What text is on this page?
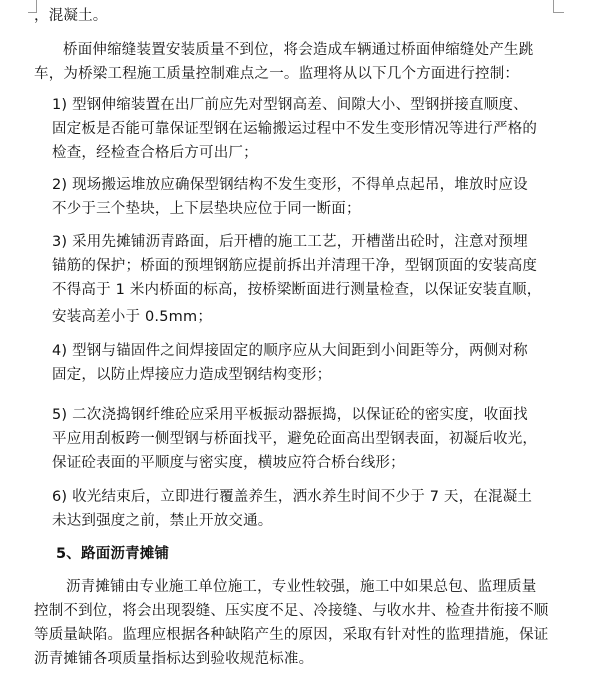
，混凝土。
桥面伸缩缝装置安装质量不到位，将会造成车辆通过桥面伸缩缝处产生跳
车，为桥梁工程施工质量控制难点之一。监理将从以下几个方面进行控制：
1) 型钢伸缩装置在出厂前应先对型钢高差、间隙大小、型钢拼接直顺度、
固定板是否能可靠保证型钢在运输搬运过程中不发生变形情况等进行严格的
检查，经检查合格后方可出厂；
2) 现场搬运堆放应确保型钢结构不发生变形，不得单点起吊，堆放时应设
不少于三个垫块，上下层垫块应位于同一断面；
3) 采用先摊铺沥青路面，后开槽的施工工艺，开槽凿出砼时，注意对预埋
锚筋的保护；桥面的预埋钢筋应提前拆出并清理干净，型钢顶面的安装高度
不得高于 1 米内桥面的标高，按桥梁断面进行测量检查，以保证安装直顺，
安装高差小于 0.5mm；
4) 型钢与锚固件之间焊接固定的顺序应从大间距到小间距等分，两侧对称
固定，以防止焊接应力造成型钢结构变形；
5) 二次浇捣钢纤维砼应采用平板振动器振捣，以保证砼的密实度，收面找
平应用刮板跨一侧型钢与桥面找平，避免砼面高出型钢表面，初凝后收光，
保证砼表面的平顺度与密实度，横坡应符合桥台线形；
6) 收光结束后，立即进行覆盖养生，洒水养生时间不少于 7 天，在混凝土
未达到强度之前，禁止开放交通。
5、路面沥青摊铺
沥青摊铺由专业施工单位施工，专业性较强，施工中如果总包、监理质量
控制不到位，将会出现裂缝、压实度不足、冷接缝、与收水井、检查井衔接不顺
等质量缺陷。监理应根据各种缺陷产生的原因，采取有针对性的监理措施，保证
沥青摊铺各项质量指标达到验收规范标准。
